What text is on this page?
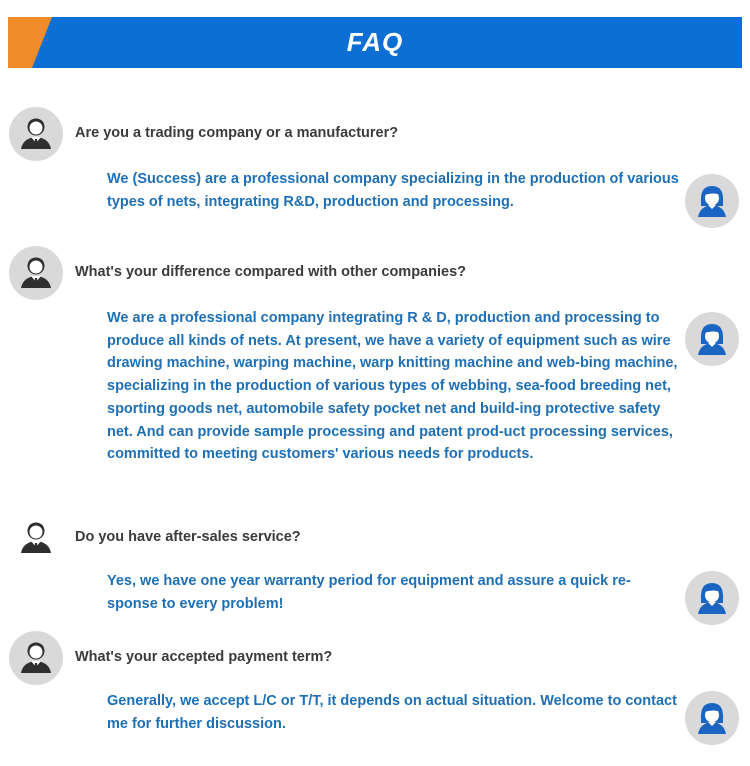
FAQ
Are you a trading company or a manufacturer?
We (Success) are a professional company specializing in the production of various types of nets, integrating R&D, production and processing.
What's your difference compared with other companies?
We are a professional company integrating R & D, production and processing to produce all kinds of nets. At present, we have a variety of equipment such as wire drawing machine, warping machine, warp knitting machine and web-bing machine, specializing in the production of various types of webbing, sea-food breeding net, sporting goods net, automobile safety pocket net and build-ing protective safety net. And can provide sample processing and patent prod-uct processing services, committed to meeting customers' various needs for products.
Do you have after-sales service?
Yes, we have one year warranty period for equipment and assure a quick re-sponse to every problem!
What's your accepted payment term?
Generally, we accept L/C or T/T, it depends on actual situation. Welcome to contact me for further discussion.
